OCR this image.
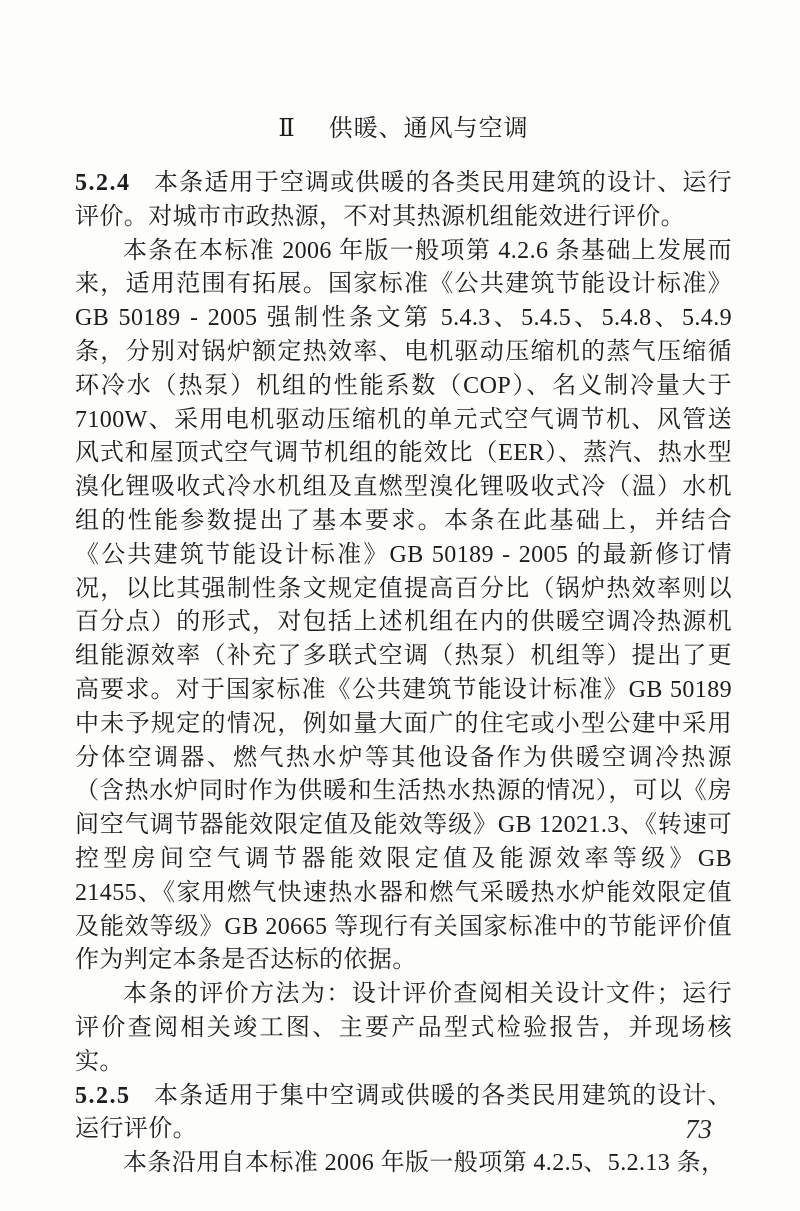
Ⅱ 供暖、通风与空调

5.2.4 本条适用于空调或供暖的各类民用建筑的设计、运行评价。对城市市政热源，不对其热源机组能效进行评价。

本条在本标准 2006 年版一般项第 4.2.6 条基础上发展而来，适用范围有拓展。国家标准《公共建筑节能设计标准》GB 50189 - 2005 强制性条文第 5.4.3、5.4.5、5.4.8、5.4.9 条，分别对锅炉额定热效率、电机驱动压缩机的蒸气压缩循环冷水（热泵）机组的性能系数（COP）、名义制冷量大于 7100W、采用电机驱动压缩机的单元式空气调节机、风管送风式和屋顶式空气调节机组的能效比（EER）、蒸汽、热水型溴化锂吸收式冷水机组及直燃型溴化锂吸收式冷（温）水机组的性能参数提出了基本要求。本条在此基础上，并结合《公共建筑节能设计标准》GB 50189 - 2005 的最新修订情况，以比其强制性条文规定值提高百分比（锅炉热效率则以百分点）的形式，对包括上述机组在内的供暖空调冷热源机组能源效率（补充了多联式空调（热泵）机组等）提出了更高要求。对于国家标准《公共建筑节能设计标准》GB 50189 中未予规定的情况，例如量大面广的住宅或小型公建中采用分体空调器、燃气热水炉等其他设备作为供暖空调冷热源（含热水炉同时作为供暖和生活热水热源的情况），可以《房间空气调节器能效限定值及能效等级》GB 12021.3、《转速可控型房间空气调节器能效限定值及能源效率等级》GB 21455、《家用燃气快速热水器和燃气采暖热水炉能效限定值及能效等级》GB 20665 等现行有关国家标准中的节能评价值作为判定本条是否达标的依据。

本条的评价方法为：设计评价查阅相关设计文件；运行评价查阅相关竣工图、主要产品型式检验报告，并现场核实。

5.2.5 本条适用于集中空调或供暖的各类民用建筑的设计、运行评价。

本条沿用自本标准 2006 年版一般项第 4.2.5、5.2.13 条，

73
